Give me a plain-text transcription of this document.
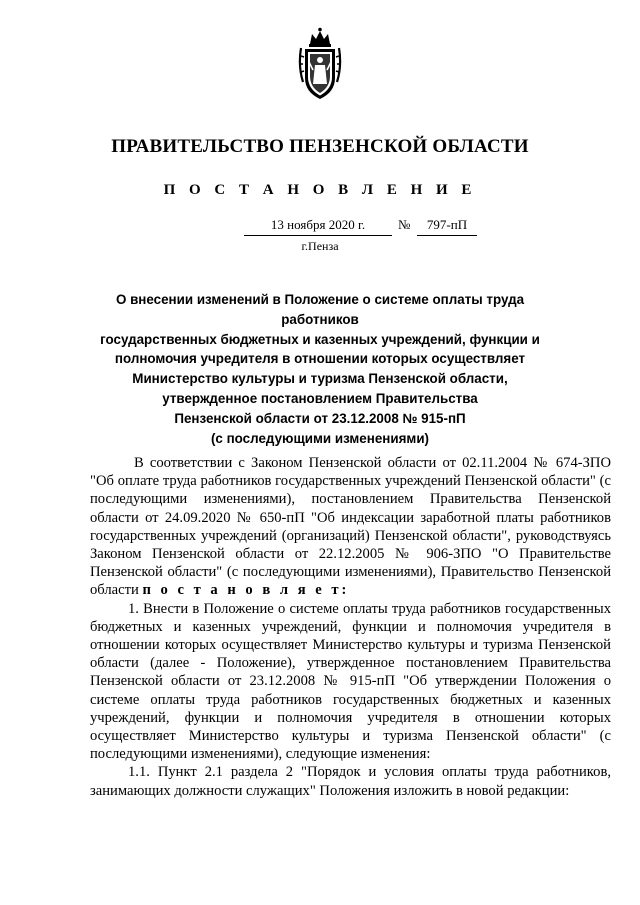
ПРАВИТЕЛЬСТВО ПЕНЗЕНСКОЙ ОБЛАСТИ
П О С Т А Н О В Л Е Н И Е
13 ноября 2020 г.	№	797-пП
г.Пенза
О внесении изменений в Положение о системе оплаты труда работников
государственных бюджетных и казенных учреждений, функции и
полномочия учредителя в отношении которых осуществляет
Министерство культуры и туризма Пензенской области,
утвержденное постановлением Правительства
Пензенской области от 23.12.2008 № 915-пП
(с последующими изменениями)

В соответствии с Законом Пензенской области от 02.11.2004 № 674-ЗПО "Об оплате труда работников государственных учреждений Пензенской области" (с последующими изменениями), постановлением Правительства Пензенской области от 24.09.2020 № 650-пП "Об индексации заработной платы работников государственных учреждений (организаций) Пензенской области", руководствуясь Законом Пензенской области от 22.12.2005 № 906-ЗПО "О Правительстве Пензенской области" (с последующими изменениями), Правительство Пензенской области п о с т а н о в л я е т:

1. Внести в Положение о системе оплаты труда работников государственных бюджетных и казенных учреждений, функции и полномочия учредителя в отношении которых осуществляет Министерство культуры и туризма Пензенской области (далее - Положение), утвержденное постановлением Правительства Пензенской области от 23.12.2008 № 915-пП "Об утверждении Положения о системе оплаты труда работников государственных бюджетных и казенных учреждений, функции и полномочия учредителя в отношении которых осуществляет Министерство культуры и туризма Пензенской области" (с последующими изменениями), следующие изменения:

1.1. Пункт 2.1 раздела 2 "Порядок и условия оплаты труда работников, занимающих должности служащих" Положения изложить в новой редакции:
